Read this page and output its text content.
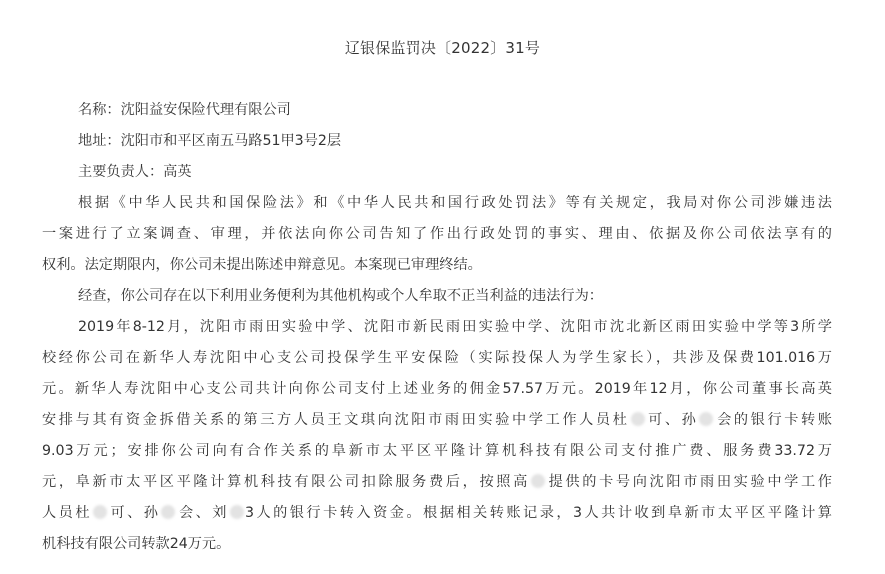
辽银保监罚决〔2022〕31号
名称：沈阳益安保险代理有限公司
地址：沈阳市和平区南五马路51甲3号2层
主要负责人：高英
根据《中华人民共和国保险法》和《中华人民共和国行政处罚法》等有关规定，我局对你公司涉嫌违法
一案进行了立案调查、审理，并依法向你公司告知了作出行政处罚的事实、理由、依据及你公司依法享有的
权利。法定期限内，你公司未提出陈述申辩意见。本案现已审理终结。
经查，你公司存在以下利用业务便利为其他机构或个人牟取不正当利益的违法行为：
2019年8-12月，沈阳市雨田实验中学、沈阳市新民雨田实验中学、沈阳市沈北新区雨田实验中学等3所学
校经你公司在新华人寿沈阳中心支公司投保学生平安保险（实际投保人为学生家长），共涉及保费101.016万
元。新华人寿沈阳中心支公司共计向你公司支付上述业务的佣金57.57万元。2019年12月，你公司董事长高英
安排与其有资金拆借关系的第三方人员王文琪向沈阳市雨田实验中学工作人员杜 可、孙 会的银行卡转账
9.03万元；安排你公司向有合作关系的阜新市太平区平隆计算机科技有限公司支付推广费、服务费33.72万
元，阜新市太平区平隆计算机科技有限公司扣除服务费后，按照高 提供的卡号向沈阳市雨田实验中学工作
人员杜 可、孙 会、刘 3人的银行卡转入资金。根据相关转账记录，3人共计收到阜新市太平区平隆计算
机科技有限公司转款24万元。
